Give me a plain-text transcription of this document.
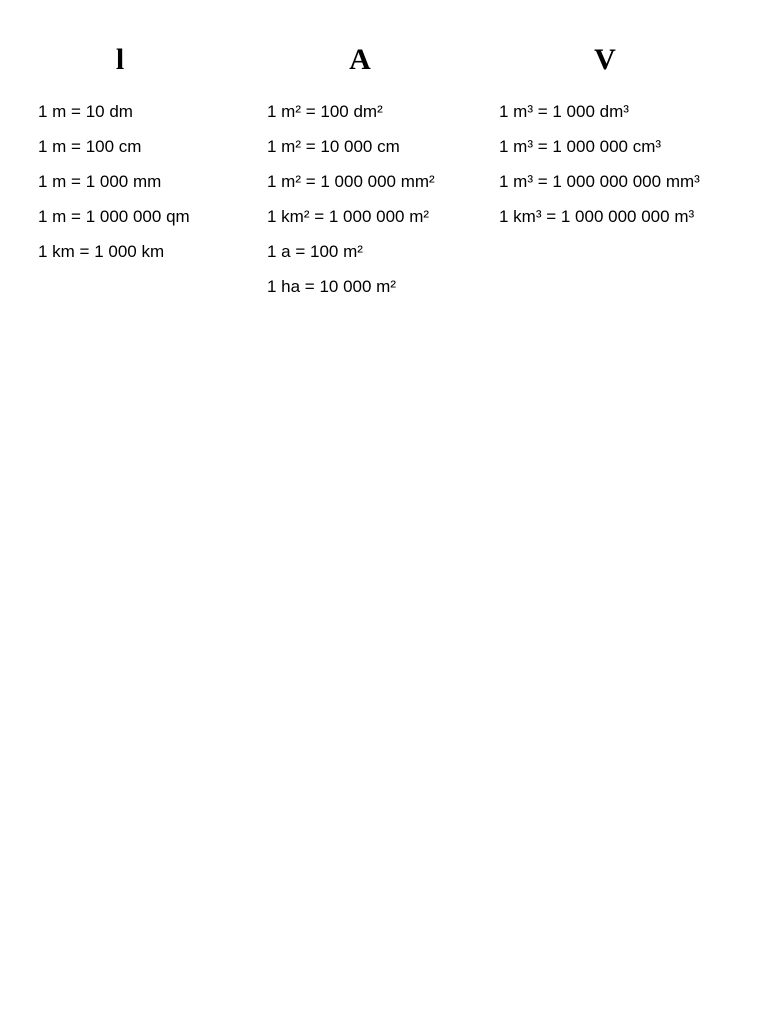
l	A	V
1 m = 10 dm
1 m = 100 cm
1 m = 1 000 mm
1 m = 1 000 000 qm
1 km = 1 000 km
1 m² = 100 dm²
1 m² = 10 000 cm
1 m² = 1 000 000 mm²
1 km² = 1 000 000 m²
1 a = 100 m²
1 ha = 10 000 m²
1 m³ = 1 000 dm³
1 m³ = 1 000 000 cm³
1 m³ = 1 000 000 000 mm³
1 km³ = 1 000 000 000 m³
